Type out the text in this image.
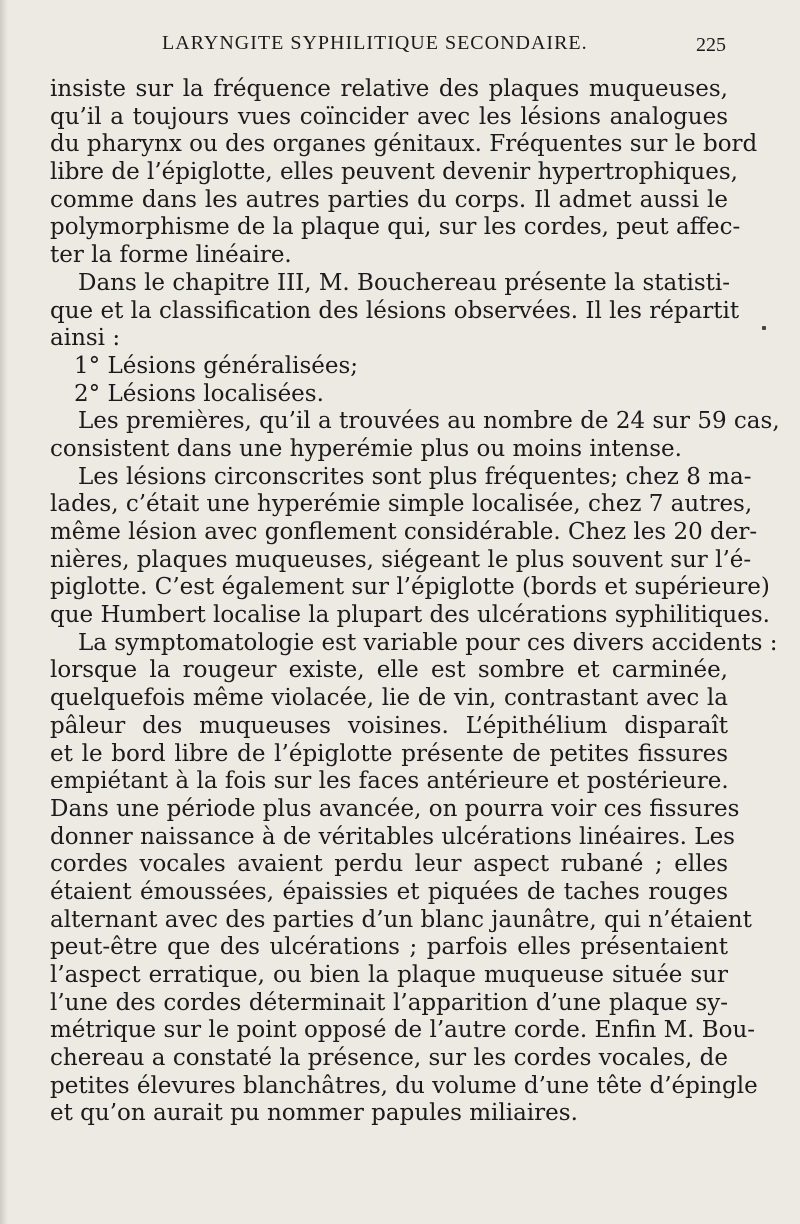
LARYNGITE SYPHILITIQUE SECONDAIRE.	225
insiste sur la fréquence relative des plaques muqueuses,
qu’il a toujours vues coïncider avec les lésions analogues
du pharynx ou des organes génitaux. Fréquentes sur le bord
libre de l’épiglotte, elles peuvent devenir hypertrophiques,
comme dans les autres parties du corps. Il admet aussi le
polymorphisme de la plaque qui, sur les cordes, peut affec-
ter la forme linéaire.
Dans le chapitre III, M. Bouchereau présente la statisti-
que et la classification des lésions observées. Il les répartit
ainsi :
1° Lésions généralisées;
2° Lésions localisées.
Les premières, qu’il a trouvées au nombre de 24 sur 59 cas,
consistent dans une hyperémie plus ou moins intense.
Les lésions circonscrites sont plus fréquentes; chez 8 ma-
lades, c’était une hyperémie simple localisée, chez 7 autres,
même lésion avec gonflement considérable. Chez les 20 der-
nières, plaques muqueuses, siégeant le plus souvent sur l’é-
piglotte. C’est également sur l’épiglotte (bords et supérieure)
que Humbert localise la plupart des ulcérations syphilitiques.
La symptomatologie est variable pour ces divers accidents :
lorsque la rougeur existe, elle est sombre et carminée,
quelquefois même violacée, lie de vin, contrastant avec la
pâleur des muqueuses voisines. L’épithélium disparaît
et le bord libre de l’épiglotte présente de petites fissures
empiétant à la fois sur les faces antérieure et postérieure.
Dans une période plus avancée, on pourra voir ces fissures
donner naissance à de véritables ulcérations linéaires. Les
cordes vocales avaient perdu leur aspect rubané ; elles
étaient émoussées, épaissies et piquées de taches rouges
alternant avec des parties d’un blanc jaunâtre, qui n’étaient
peut-être que des ulcérations ; parfois elles présentaient
l’aspect erratique, ou bien la plaque muqueuse située sur
l’une des cordes déterminait l’apparition d’une plaque sy-
métrique sur le point opposé de l’autre corde. Enfin M. Bou-
chereau a constaté la présence, sur les cordes vocales, de
petites élevures blanchâtres, du volume d’une tête d’épingle
et qu’on aurait pu nommer papules miliaires.
